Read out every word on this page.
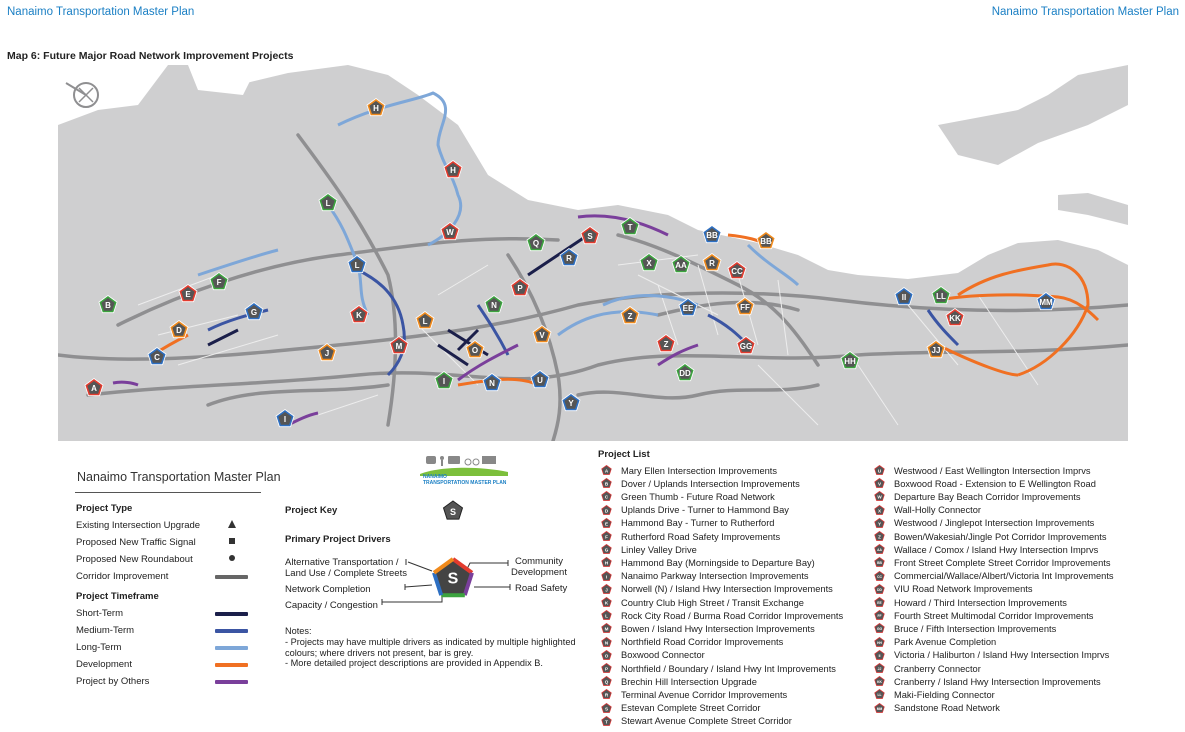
Nanaimo Transportation Master Plan	Nanaimo Transportation Master Plan
Map 6: Future Major Road Network Improvement Projects
A
B
C
D
E
F
G
H
H
I
I
J
K
L
L
L
M
N
N
O
P
Q
R
R
S
T
U
V
W
X
Y
Z
Z
AA
BB
BB
CC
DD
EE	FF
GG
HH
II
JJ
KK
LL
MM
Nanaimo Transportation Master Plan	NANAIMO
TRANSPORTATION MASTER PLAN
Project Type
Existing Intersection Upgrade
Proposed New Traffic Signal
Proposed New Roundabout
Corridor Improvement
Project Timeframe
Short-Term
Medium-Term
Long-Term
Development
Project by Others
Project Key	S
Primary Project Drivers
Alternative Transportation /
Land Use / Complete Streets
Network Completion
Capacity / Congestion
Community
Development
Road Safety
S
Notes:
- Projects may have multiple drivers as indicated by multiple highlighted colours; where drivers not present, bar is grey.
- More detailed project descriptions are provided in Appendix B.
Project List
A Mary Ellen Intersection Improvements
B Dover / Uplands Intersection Improvements
C Green Thumb - Future Road Network
D Uplands Drive - Turner to Hammond Bay
E Hammond Bay - Turner to Rutherford
F Rutherford Road Safety Improvements
G Linley Valley Drive
H Hammond Bay (Morningside to Departure Bay)
I Nanaimo Parkway Intersection Improvements
J Norwell (N) / Island Hwy Intersection Improvements
K Country Club High Street / Transit Exchange
L Rock City Road / Burma Road Corridor Improvements
M Bowen / Island Hwy Intersection Improvements
N Northfield Road Corridor Improvements
O Boxwood Connector
P Northfield / Boundary / Island Hwy Int Improvements
Q Brechin Hill Intersection Upgrade
R Terminal Avenue Corridor Improvements
S Estevan Complete Street Corridor
T Stewart Avenue Complete Street Corridor
U Westwood / East Wellington Intersection Imprvs
V Boxwood Road - Extension to E Wellington Road
W Departure Bay Beach Corridor Improvements
X Wall-Holly Connector
Y Westwood / Jinglepot Intersection Improvements
Z Bowen/Wakesiah/Jingle Pot Corridor Improvements
AA Wallace / Comox / Island Hwy Intersection Imprvs
BB Front Street Complete Street Corridor Improvements
CC Commercial/Wallace/Albert/Victoria Int Improvements
DD VIU Road Network Improvements
EE Howard / Third Intersection Improvements
FF Fourth Street Multimodal Corridor Improvements
GG Bruce / Fifth Intersection Improvements
HH Park Avenue Completion
II Victoria / Haliburton / Island Hwy Intersection Imprvs
JJ Cranberry Connector
KK Cranberry / Island Hwy Intersection Improvements
LL Maki-Fielding Connector
MM Sandstone Road Network
